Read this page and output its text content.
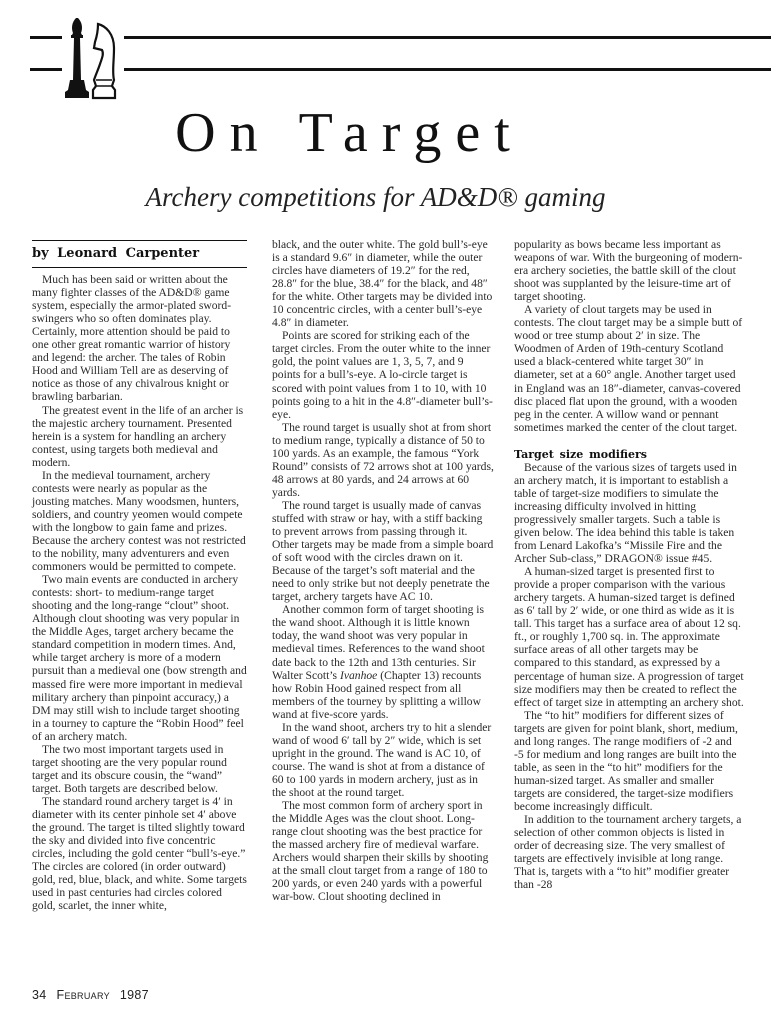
On Target
Archery competitions for AD&D® gaming
by Leonard Carpenter

Much has been said or written about the many fighter classes of the AD&D® game system, especially the armor-plated sword-swingers who so often dominates play. Certainly, more attention should be paid to one other great romantic warrior of history and legend: the archer. The tales of Robin Hood and William Tell are as deserving of notice as those of any chivalrous knight or brawling barbarian.

The greatest event in the life of an archer is the majestic archery tournament. Presented herein is a system for handling an archery contest, using targets both medieval and modern.

In the medieval tournament, archery contests were nearly as popular as the jousting matches. Many woodsmen, hunters, soldiers, and country yeomen would compete with the longbow to gain fame and prizes. Because the archery contest was not restricted to the nobility, many adventurers and even commoners would be permitted to compete.

Two main events are conducted in archery contests: short- to medium-range target shooting and the long-range “clout” shoot. Although clout shooting was very popular in the Middle Ages, target archery became the standard competition in modern times. And, while target archery is more of a modern pursuit than a medieval one (bow strength and massed fire were more important in medieval military archery than pinpoint accuracy,) a DM may still wish to include target shooting in a tourney to capture the “Robin Hood” feel of an archery match.

The two most important targets used in target shooting are the very popular round target and its obscure cousin, the “wand” target. Both targets are described below.

The standard round archery target is 4′ in diameter with its center pinhole set 4′ above the ground. The target is tilted slightly toward the sky and divided into five concentric circles, including the gold center “bull’s-eye.” The circles are colored (in order outward) gold, red, blue, black, and white. Some targets used in past centuries had circles colored gold, scarlet, the inner white,

black, and the outer white. The gold bull’s-eye is a standard 9.6″ in diameter, while the outer circles have diameters of 19.2″ for the red, 28.8″ for the blue, 38.4″ for the black, and 48″ for the white. Other targets may be divided into 10 concentric circles, with a center bull’s-eye 4.8″ in diameter.

Points are scored for striking each of the target circles. From the outer white to the inner gold, the point values are 1, 3, 5, 7, and 9 points for a bull’s-eye. A lo-circle target is scored with point values from 1 to 10, with 10 points going to a hit in the 4.8″-diameter bull’s-eye.

The round target is usually shot at from short to medium range, typically a distance of 50 to 100 yards. As an example, the famous “York Round” consists of 72 arrows shot at 100 yards, 48 arrows at 80 yards, and 24 arrows at 60 yards.

The round target is usually made of canvas stuffed with straw or hay, with a stiff backing to prevent arrows from passing through it. Other targets may be made from a simple board of soft wood with the circles drawn on it. Because of the target’s soft material and the need to only strike but not deeply penetrate the target, archery targets have AC 10.

Another common form of target shooting is the wand shoot. Although it is little known today, the wand shoot was very popular in medieval times. References to the wand shoot date back to the 12th and 13th centuries. Sir Walter Scott’s Ivanhoe (Chapter 13) recounts how Robin Hood gained respect from all members of the tourney by splitting a willow wand at five-score yards.

In the wand shoot, archers try to hit a slender wand of wood 6′ tall by 2″ wide, which is set upright in the ground. The wand is AC 10, of course. The wand is shot at from a distance of 60 to 100 yards in modern archery, just as in the shoot at the round target.

The most common form of archery sport in the Middle Ages was the clout shoot. Long-range clout shooting was the best practice for the massed archery fire of medieval warfare. Archers would sharpen their skills by shooting at the small clout target from a range of 180 to 200 yards, or even 240 yards with a powerful war-bow. Clout shooting declined in

popularity as bows became less important as weapons of war. With the burgeoning of modern-era archery societies, the battle skill of the clout shoot was supplanted by the leisure-time art of target shooting.

A variety of clout targets may be used in contests. The clout target may be a simple butt of wood or tree stump about 2′ in size. The Woodmen of Arden of 19th-century Scotland used a black-centered white target 30″ in diameter, set at a 60° angle. Another target used in England was an 18″-diameter, canvas-covered disc placed flat upon the ground, with a wooden peg in the center. A willow wand or pennant sometimes marked the center of the clout target.

Target size modifiers

Because of the various sizes of targets used in an archery match, it is important to establish a table of target-size modifiers to simulate the increasing difficulty involved in hitting progressively smaller targets. Such a table is given below. The idea behind this table is taken from Lenard Lakofka’s “Missile Fire and the Archer Sub-class,” DRAGON® issue #45.

A human-sized target is presented first to provide a proper comparison with the various archery targets. A human-sized target is defined as 6′ tall by 2′ wide, or one third as wide as it is tall. This target has a surface area of about 12 sq. ft., or roughly 1,700 sq. in. The approximate surface areas of all other targets may be compared to this standard, as expressed by a percentage of human size. A progression of target size modifiers may then be created to reflect the effect of target size in attempting an archery shot.

The “to hit” modifiers for different sizes of targets are given for point blank, short, medium, and long ranges. The range modifiers of -2 and -5 for medium and long ranges are built into the table, as seen in the “to hit” modifiers for the human-sized target. As smaller and smaller targets are considered, the target-size modifiers become increasingly difficult.

In addition to the tournament archery targets, a selection of other common objects is listed in order of decreasing size. The very smallest of targets are effectively invisible at long range. That is, targets with a “to hit” modifier greater than -28

34 February 1987
